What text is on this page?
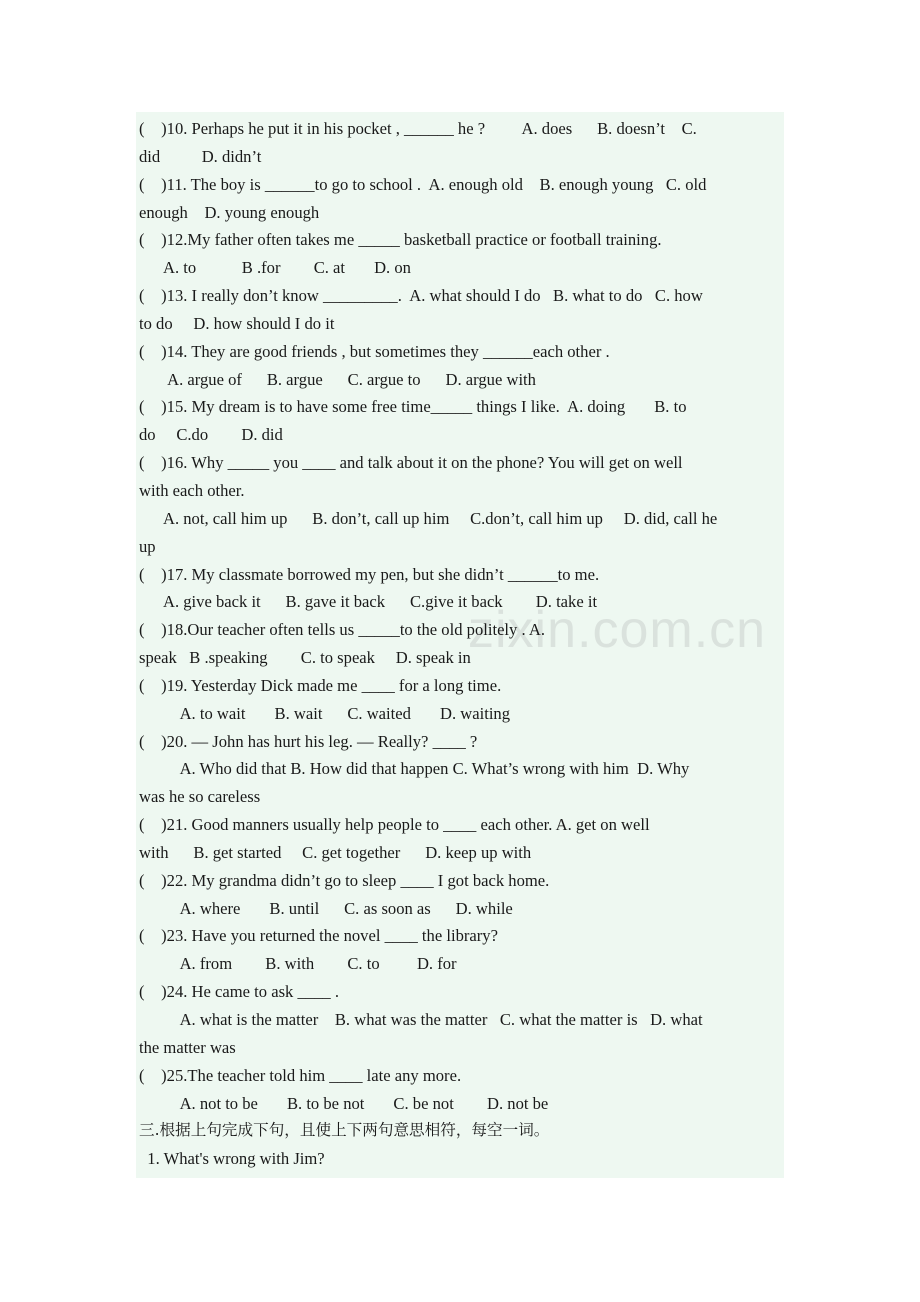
zixin.com.cn
(    )10. Perhaps he put it in his pocket , ______ he ?         A. does      B. doesn’t    C.
did          D. didn’t
(    )11. The boy is ______to go to school .  A. enough old    B. enough young   C. old
enough    D. young enough
(    )12.My father often takes me _____ basketball practice or football training.
A. to           B .for        C. at       D. on
(    )13. I really don’t know _________.  A. what should I do   B. what to do   C. how
to do     D. how should I do it
(    )14. They are good friends , but sometimes they ______each other .
A. argue of      B. argue      C. argue to      D. argue with
(    )15. My dream is to have some free time_____ things I like.  A. doing       B. to
do     C.do        D. did
(    )16. Why _____ you ____ and talk about it on the phone? You will get on well
with each other.
A. not, call him up      B. don’t, call up him     C.don’t, call him up     D. did, call he
up
(    )17. My classmate borrowed my pen, but she didn’t ______to me.
A. give back it      B. gave it back      C.give it back        D. take it
(    )18.Our teacher often tells us _____to the old politely . A.
speak   B .speaking        C. to speak     D. speak in
(    )19. Yesterday Dick made me ____ for a long time.
A. to wait       B. wait      C. waited       D. waiting
(    )20. — John has hurt his leg. — Really? ____ ?
A. Who did that B. How did that happen C. What’s wrong with him  D. Why
was he so careless
(    )21. Good manners usually help people to ____ each other. A. get on well
with      B. get started     C. get together      D. keep up with
(    )22. My grandma didn’t go to sleep ____ I got back home.
A. where       B. until      C. as soon as      D. while
(    )23. Have you returned the novel ____ the library?
A. from        B. with        C. to         D. for
(    )24. He came to ask ____ .
A. what is the matter    B. what was the matter   C. what the matter is   D. what
the matter was
(    )25.The teacher told him ____ late any more.
A. not to be       B. to be not       C. be not        D. not be
三.根据上句完成下句，且使上下两句意思相符，每空一词。
1. What's wrong with Jim?
